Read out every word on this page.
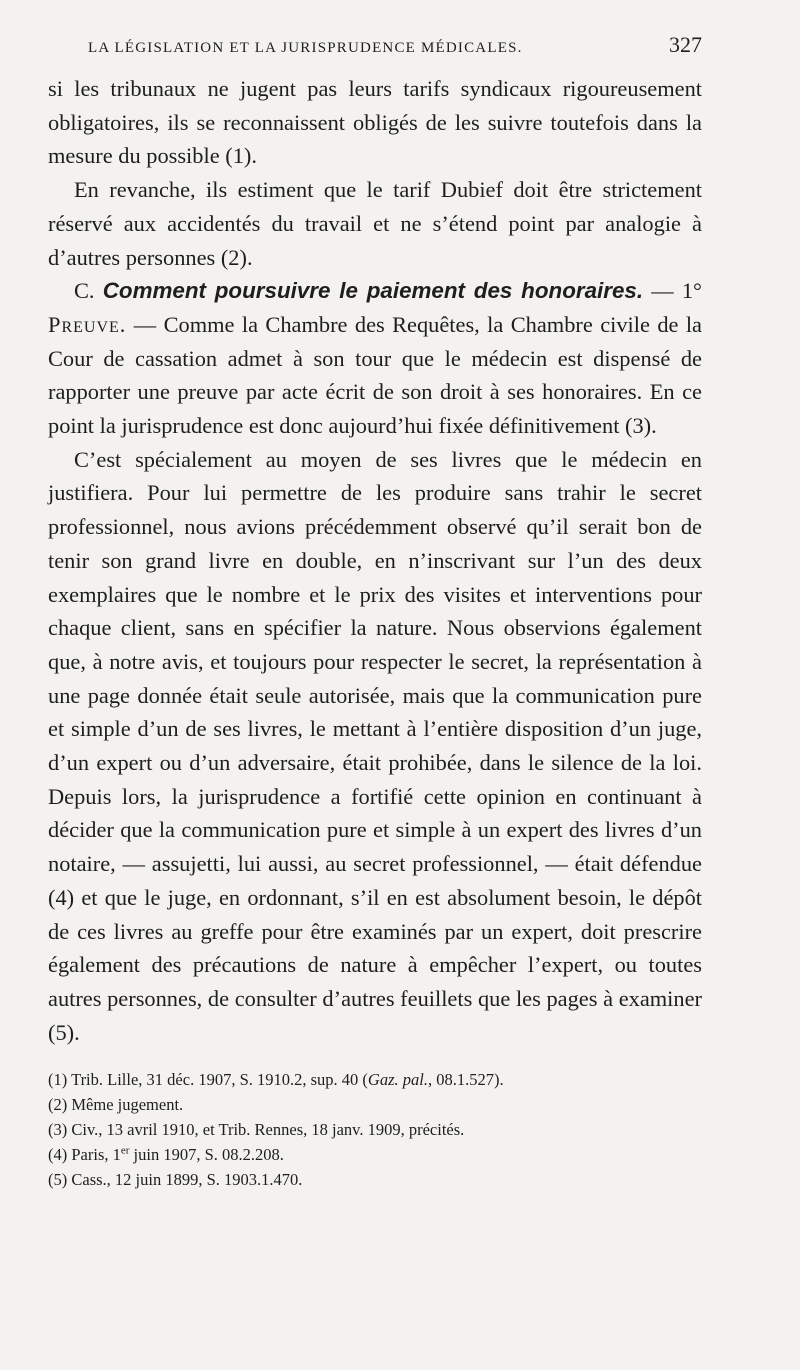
LA LÉGISLATION ET LA JURISPRUDENCE MÉDICALES.	327

si les tribunaux ne jugent pas leurs tarifs syndicaux rigoureusement obligatoires, ils se reconnaissent obligés de les suivre toutefois dans la mesure du possible (1).

En revanche, ils estiment que le tarif Dubief doit être strictement réservé aux accidentés du travail et ne s’étend point par analogie à d’autres personnes (2).

C. Comment poursuivre le paiement des honoraires. — 1° Preuve. — Comme la Chambre des Requêtes, la Chambre civile de la Cour de cassation admet à son tour que le médecin est dispensé de rapporter une preuve par acte écrit de son droit à ses honoraires. En ce point la jurisprudence est donc aujourd’hui fixée définitivement (3).

C’est spécialement au moyen de ses livres que le médecin en justifiera. Pour lui permettre de les produire sans trahir le secret professionnel, nous avions précédemment observé qu’il serait bon de tenir son grand livre en double, en n’inscrivant sur l’un des deux exemplaires que le nombre et le prix des visites et interventions pour chaque client, sans en spécifier la nature. Nous observions également que, à notre avis, et toujours pour respecter le secret, la représentation à une page donnée était seule autorisée, mais que la communication pure et simple d’un de ses livres, le mettant à l’entière disposition d’un juge, d’un expert ou d’un adversaire, était prohibée, dans le silence de la loi. Depuis lors, la jurisprudence a fortifié cette opinion en continuant à décider que la communication pure et simple à un expert des livres d’un notaire, — assujetti, lui aussi, au secret professionnel, — était défendue (4) et que le juge, en ordonnant, s’il en est absolument besoin, le dépôt de ces livres au greffe pour être examinés par un expert, doit prescrire également des précautions de nature à empêcher l’expert, ou toutes autres personnes, de consulter d’autres feuillets que les pages à examiner (5).

(1) Trib. Lille, 31 déc. 1907, S. 1910.2, sup. 40 (Gaz. pal., 08.1.527).
(2) Même jugement.
(3) Civ., 13 avril 1910, et Trib. Rennes, 18 janv. 1909, précités.
(4) Paris, 1er juin 1907, S. 08.2.208.
(5) Cass., 12 juin 1899, S. 1903.1.470.
